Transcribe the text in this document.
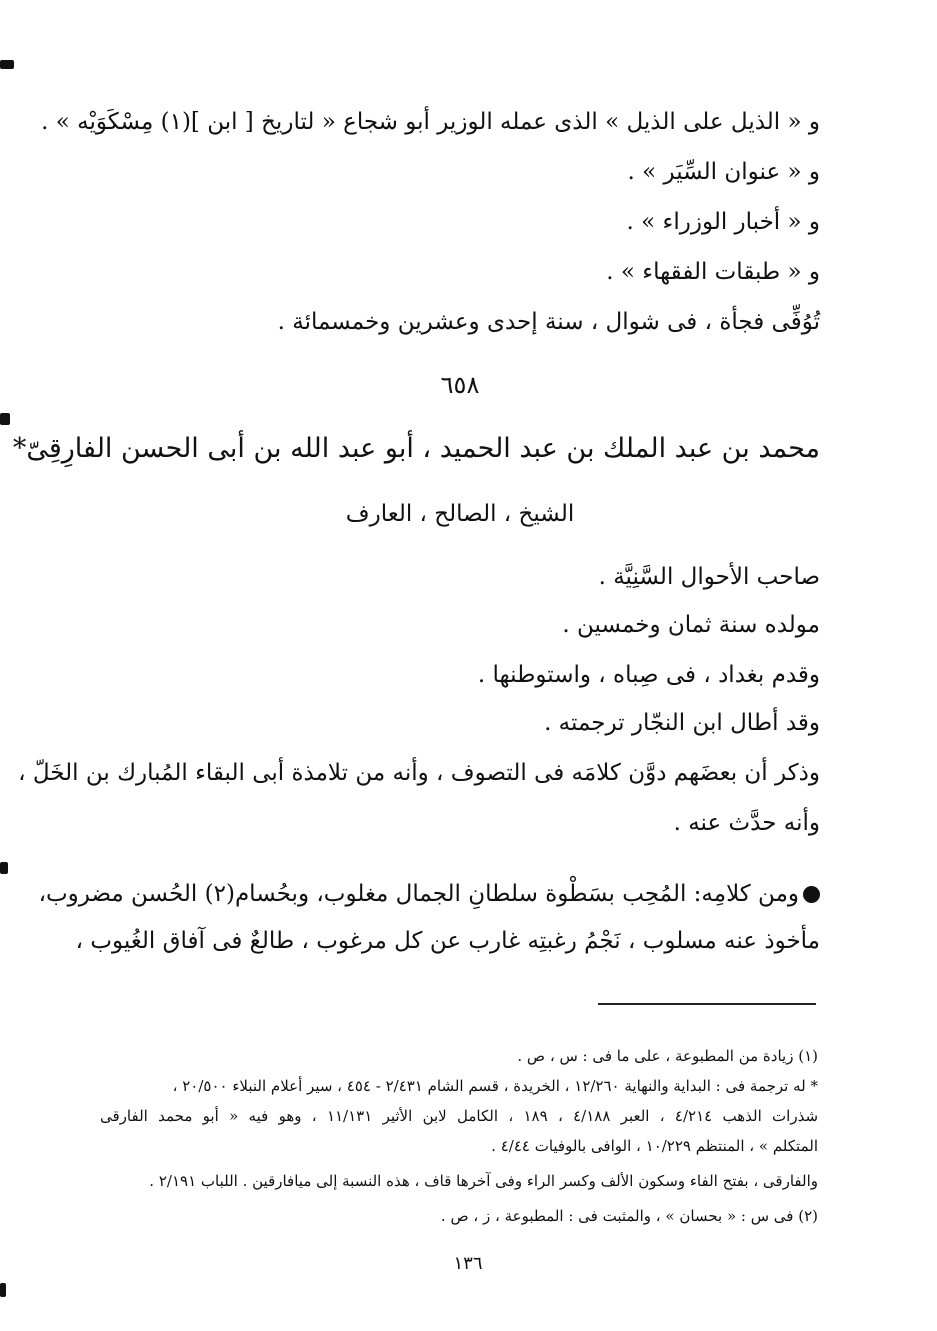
و « الذيل على الذيل » الذى عمله الوزير أبو شجاع « لتاريخ [ ابن ](١) مِسْكَوَيْه » .
و « عنوان السِّيَر » .
و « أخبار الوزراء » .
و « طبقات الفقهاء » .
تُوُفِّى فجأة ، فى شوال ، سنة إحدى وعشرين وخمسمائة .
٦٥٨
محمد بن عبد الملك بن عبد الحميد ، أبو عبد الله بن أبى الحسن الفارِقِىّ*
الشيخ ، الصالح ، العارف
صاحب الأحوال السَّنِيَّة .
مولده سنة ثمان وخمسين .
وقدم بغداد ، فى صِباه ، واستوطنها .
وقد أطال ابن النجّار ترجمته .
وذكر أن بعضَهم دوَّن كلامَه فى التصوف ، وأنه من تلامذة أبى البقاء المُبارك بن الخَلّ ،
وأنه حدَّث عنه .
ومن كلامِه: المُحِب بسَطْوة سلطانِ الجمال مغلوب، وبحُسام(٢) الحُسن مضروب،
مأخوذ عنه مسلوب ، نَجْمُ رغبتِه غارب عن كل مرغوب ، طالعٌ فى آفاق الغُيوب ،
(١) زيادة من المطبوعة ، على ما فى : س ، ص .
* له ترجمة فى : البداية والنهاية ١٢/٢٦٠ ، الخريدة ، قسم الشام ٢/٤٣١ - ٤٥٤ ، سير أعلام النبلاء ٢٠/٥٠٠ ،
شذرات الذهب ٤/٢١٤ ، العبر ٤/١٨٨ ، ١٨٩ ، الكامل لابن الأثير ١١/١٣١ ، وهو فيه « أبو محمد الفارقى
المتكلم » ، المنتظم ١٠/٢٢٩ ، الوافى بالوفيات ٤/٤٤ .
والفارقى ، بفتح الفاء وسكون الألف وكسر الراء وفى آخرها قاف ، هذه النسبة إلى ميافارقين . اللباب ٢/١٩١ .
(٢) فى س : « بحسان » ، والمثبت فى : المطبوعة ، ز ، ص .
١٣٦
